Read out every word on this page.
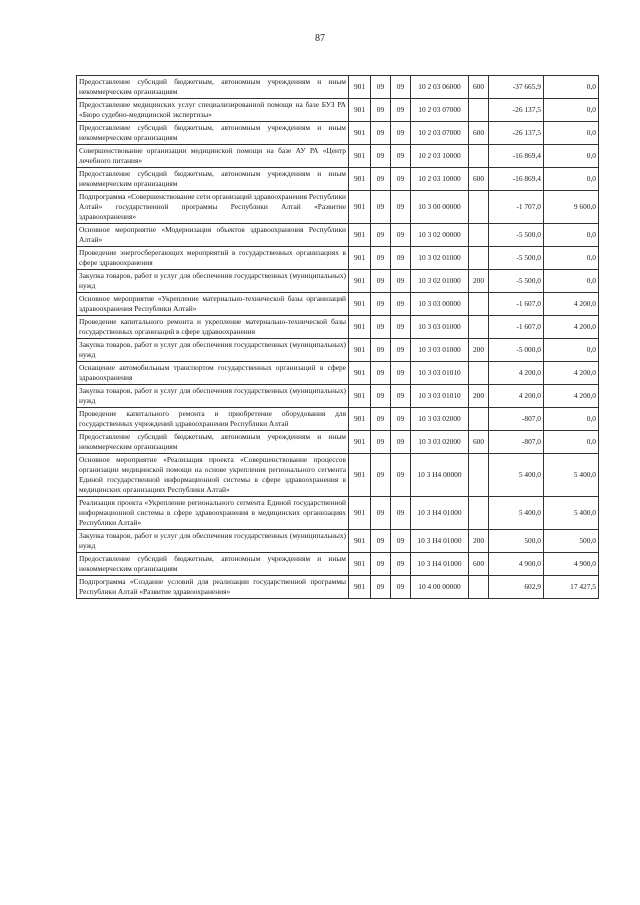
87
Предоставление субсидий бюджетным, автономным учреждениям и иным некоммерческим организациям	901	09	09	10 2 03 06000	600	-37 665,9	0,0
Предоставление медицинских услуг специализированной помощи на базе БУЗ РА «Бюро судебно-медицинской экспертизы»	901	09	09	10 2 03 07000		-26 137,5	0,0
Предоставление субсидий бюджетным, автономным учреждениям и иным некоммерческим организациям	901	09	09	10 2 03 07000	600	-26 137,5	0,0
Совершенствование организации медицинской помощи на базе АУ РА «Центр лечебного питания»	901	09	09	10 2 03 10000		-16 869,4	0,0
Предоставление субсидий бюджетным, автономным учреждениям и иным некоммерческим организациям	901	09	09	10 2 03 10000	600	-16 869,4	0,0
Подпрограмма «Совершенствование сети организаций здравоохранения Республики Алтай» государственной программы Республики Алтай «Развитие здравоохранения»	901	09	09	10 3 00 00000		-1 707,0	9 600,0
Основное мероприятие «Модернизация объектов здравоохранения Республики Алтай»	901	09	09	10 3 02 00000		-5 500,0	0,0
Проведение энергосберегающих мероприятий в государственных организациях в сфере здравоохранения	901	09	09	10 3 02 01000		-5 500,0	0,0
Закупка товаров, работ и услуг для обеспечения государственных (муниципальных) нужд	901	09	09	10 3 02 01000	200	-5 500,0	0,0
Основное мероприятие «Укрепление материально-технической базы организаций здравоохранения Республики Алтай»	901	09	09	10 3 03 00000		-1 607,0	4 200,0
Проведение капитального ремонта и укрепление материально-технической базы государственных организаций в сфере здравоохранения	901	09	09	10 3 03 01000		-1 607,0	4 200,0
Закупка товаров, работ и услуг для обеспечения государственных (муниципальных) нужд	901	09	09	10 3 03 01000	200	-5 000,0	0,0
Оснащение автомобильным транспортом государственных организаций в сфере здравоохранения	901	09	09	10 3 03 01010		4 200,0	4 200,0
Закупка товаров, работ и услуг для обеспечения государственных (муниципальных) нужд	901	09	09	10 3 03 01010	200	4 200,0	4 200,0
Проведение капитального ремонта и приобретение оборудования для государственных учреждений здравоохранения Республики Алтай	901	09	09	10 3 03 02000		-807,0	0,0
Предоставление субсидий бюджетным, автономным учреждениям и иным некоммерческим организациям	901	09	09	10 3 03 02000	600	-807,0	0,0
Основное мероприятие «Реализация проекта «Совершенствование процессов организации медицинской помощи на основе укрепления регионального сегмента Единой государственной информационной системы в сфере здравоохранения в медицинских организациях Республики Алтай»	901	09	09	10 3 Н4 00000		5 400,0	5 400,0
Реализация проекта «Укрепление регионального сегмента Единой государственной информационной системы в сфере здравоохранения в медицинских организациях Республики Алтай»	901	09	09	10 3 Н4 01000		5 400,0	5 400,0
Закупка товаров, работ и услуг для обеспечения государственных (муниципальных) нужд	901	09	09	10 3 Н4 01000	200	500,0	500,0
Предоставление субсидий бюджетным, автономным учреждениям и иным некоммерческим организациям	901	09	09	10 3 Н4 01000	600	4 900,0	4 900,0
Подпрограмма «Создание условий для реализации государственной программы Республики Алтай «Развитие здравоохранения»	901	09	09	10 4 00 00000		602,9	17 427,5
